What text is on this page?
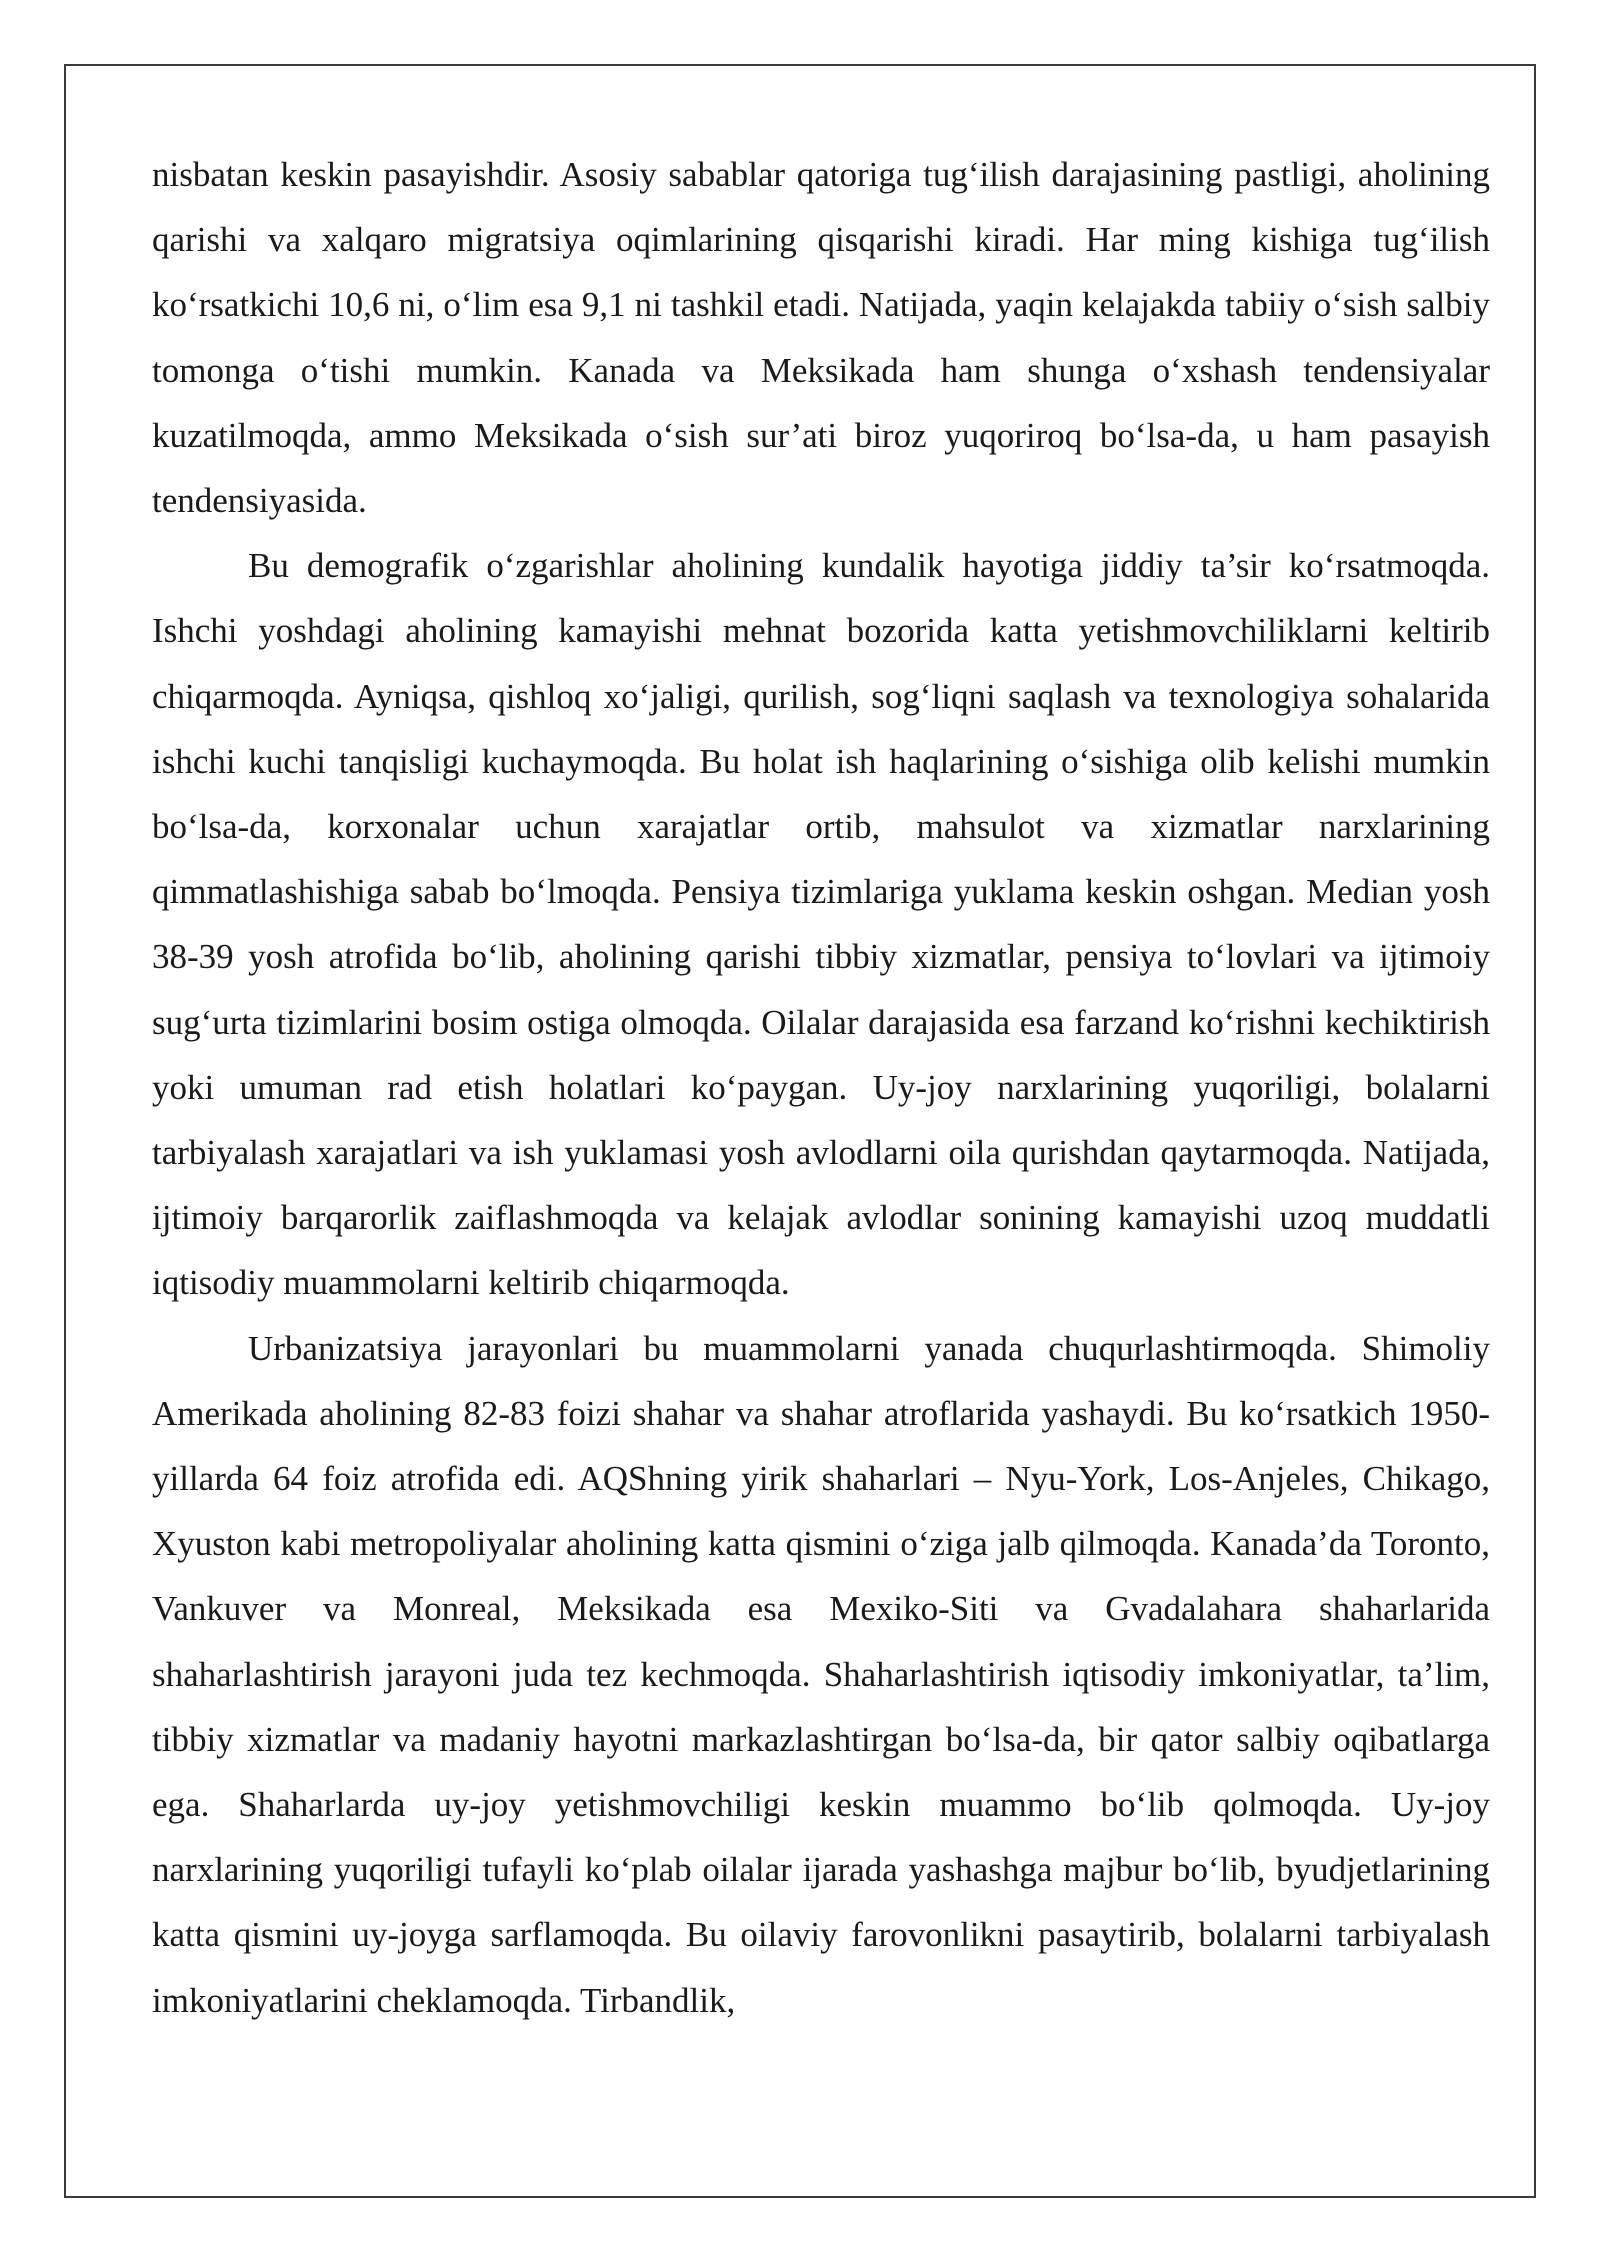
nisbatan keskin pasayishdir. Asosiy sabablar qatoriga tug‘ilish darajasining pastligi, aholining qarishi va xalqaro migratsiya oqimlarining qisqarishi kiradi. Har ming kishiga tug‘ilish ko‘rsatkichi 10,6 ni, o‘lim esa 9,1 ni tashkil etadi. Natijada, yaqin kelajakda tabiiy o‘sish salbiy tomonga o‘tishi mumkin. Kanada va Meksikada ham shunga o‘xshash tendensiyalar kuzatilmoqda, ammo Meksikada o‘sish sur’ati biroz yuqoriroq bo‘lsa-da, u ham pasayish tendensiyasida.

Bu demografik o‘zgarishlar aholining kundalik hayotiga jiddiy ta’sir ko‘rsatmoqda. Ishchi yoshdagi aholining kamayishi mehnat bozorida katta yetishmovchiliklarni keltirib chiqarmoqda. Ayniqsa, qishloq xo‘jaligi, qurilish, sog‘liqni saqlash va texnologiya sohalarida ishchi kuchi tanqisligi kuchaymoqda. Bu holat ish haqlarining o‘sishiga olib kelishi mumkin bo‘lsa-da, korxonalar uchun xarajatlar ortib, mahsulot va xizmatlar narxlarining qimmatlashishiga sabab bo‘lmoqda. Pensiya tizimlariga yuklama keskin oshgan. Median yosh 38-39 yosh atrofida bo‘lib, aholining qarishi tibbiy xizmatlar, pensiya to‘lovlari va ijtimoiy sug‘urta tizimlarini bosim ostiga olmoqda. Oilalar darajasida esa farzand ko‘rishni kechiktirish yoki umuman rad etish holatlari ko‘paygan. Uy-joy narxlarining yuqoriligi, bolalarni tarbiyalash xarajatlari va ish yuklamasi yosh avlodlarni oila qurishdan qaytarmoqda. Natijada, ijtimoiy barqarorlik zaiflashmoqda va kelajak avlodlar sonining kamayishi uzoq muddatli iqtisodiy muammolarni keltirib chiqarmoqda.

Urbanizatsiya jarayonlari bu muammolarni yanada chuqurlashtirmoqda. Shimoliy Amerikada aholining 82-83 foizi shahar va shahar atroflarida yashaydi. Bu ko‘rsatkich 1950-yillarda 64 foiz atrofida edi. AQShning yirik shaharlari – Nyu-York, Los-Anjeles, Chikago, Xyuston kabi metropoliyalar aholining katta qismini o‘ziga jalb qilmoqda. Kanada’da Toronto, Vankuver va Monreal, Meksikada esa Mexiko-Siti va Gvadalahara shaharlarida shaharlashtirish jarayoni juda tez kechmoqda. Shaharlashtirish iqtisodiy imkoniyatlar, ta’lim, tibbiy xizmatlar va madaniy hayotni markazlashtirgan bo‘lsa-da, bir qator salbiy oqibatlarga ega. Shaharlarda uy-joy yetishmovchiligi keskin muammo bo‘lib qolmoqda. Uy-joy narxlarining yuqoriligi tufayli ko‘plab oilalar ijarada yashashga majbur bo‘lib, byudjetlarining katta qismini uy-joyga sarflamoqda. Bu oilaviy farovonlikni pasaytirib, bolalarni tarbiyalash imkoniyatlarini cheklamoqda. Tirbandlik,
